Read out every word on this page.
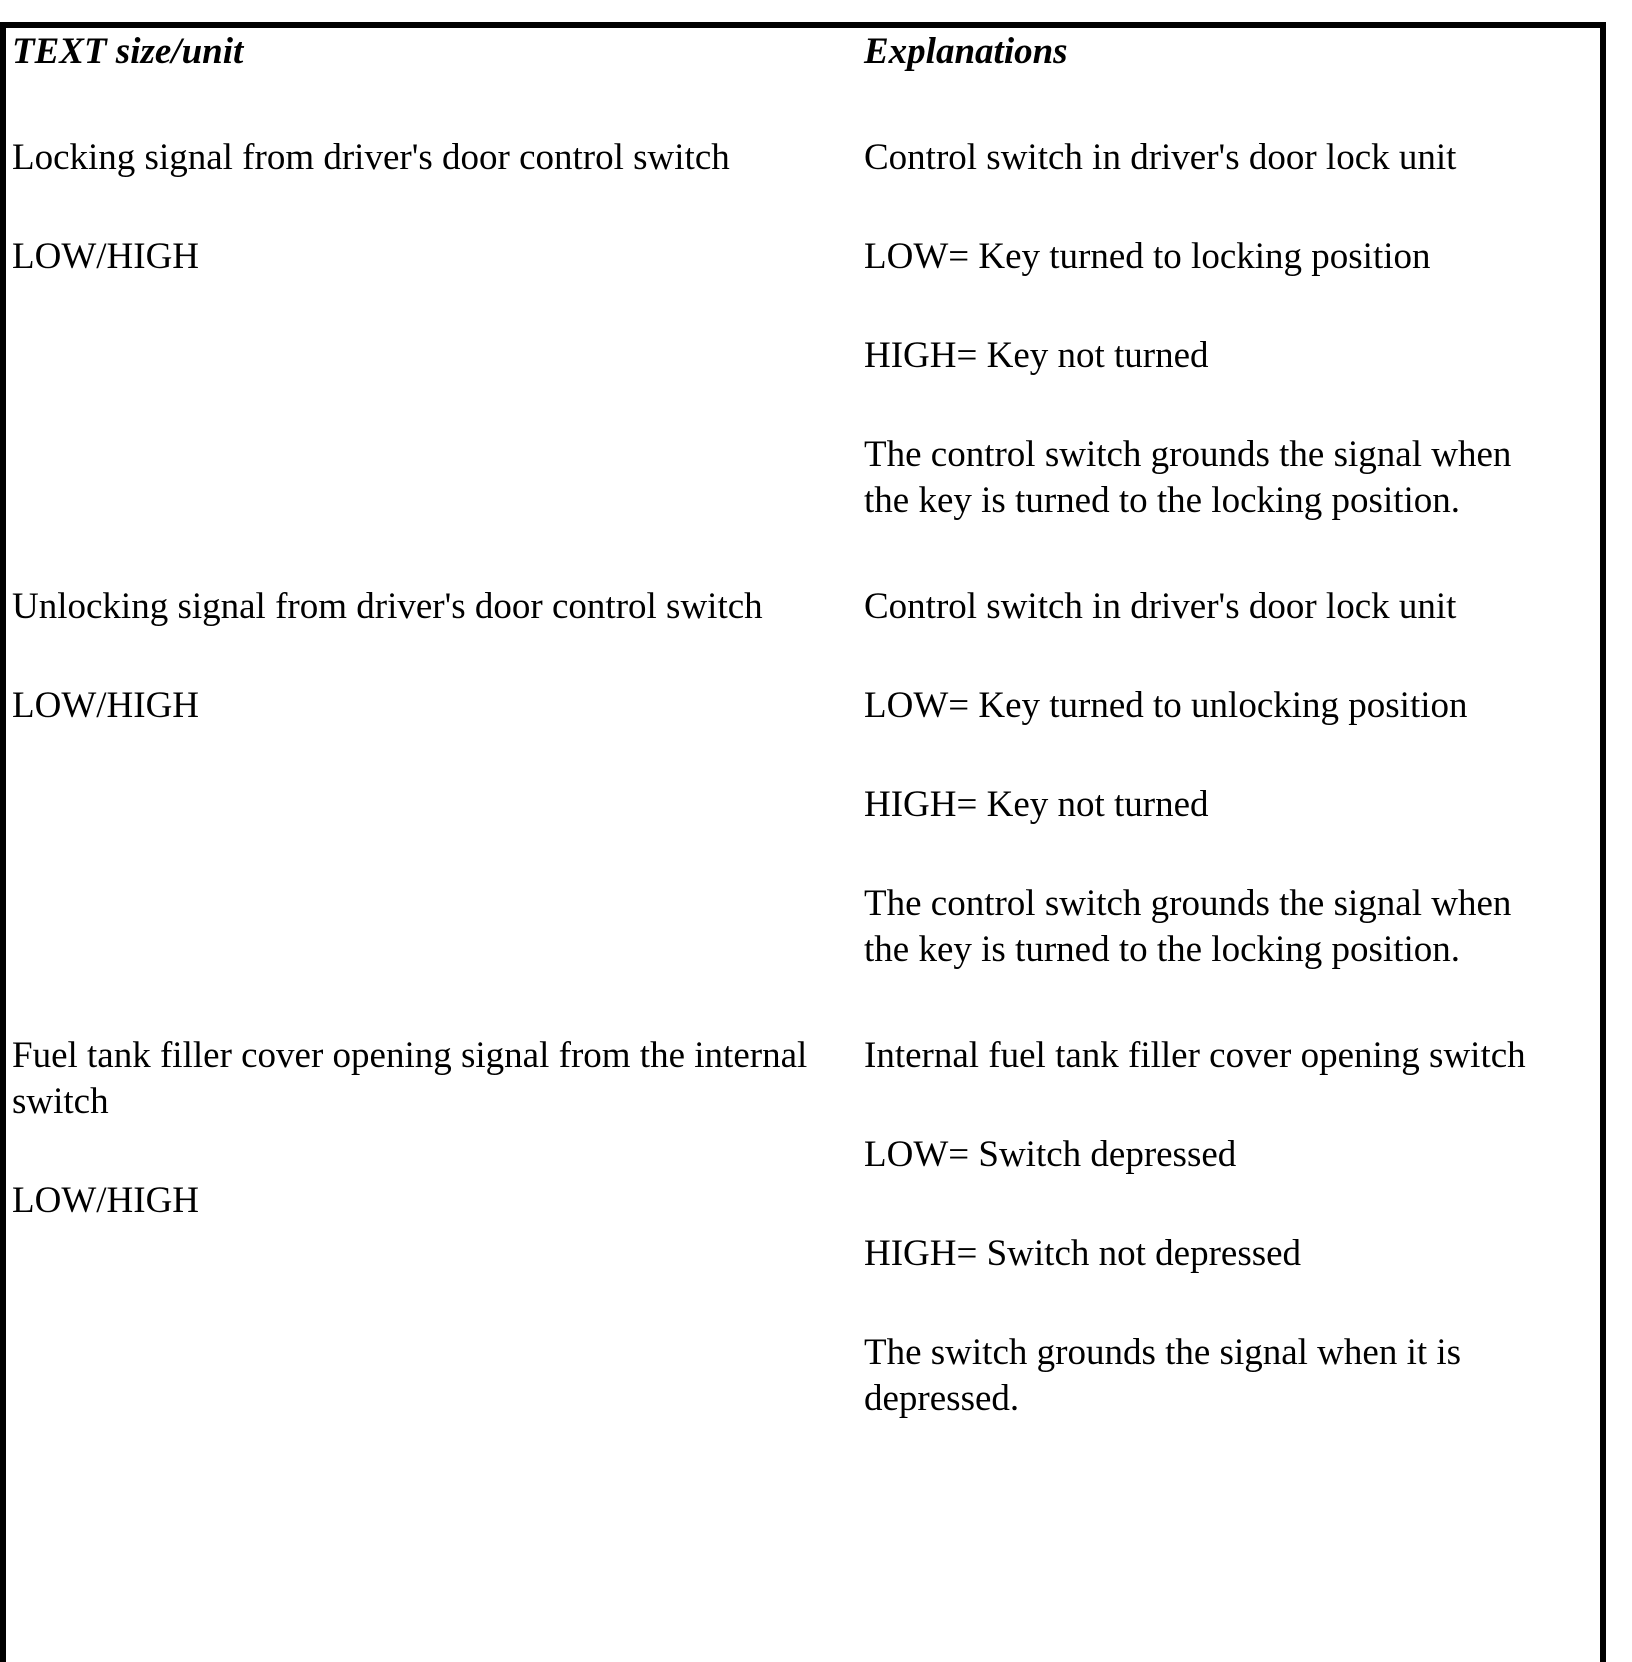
TEXT size/unit	Explanations
Locking signal from driver's door control switch
LOW/HIGH
Control switch in driver's door lock unit
LOW= Key turned to locking position
HIGH= Key not turned
The control switch grounds the signal when
the key is turned to the locking position.
Unlocking signal from driver's door control switch
LOW/HIGH
Control switch in driver's door lock unit
LOW= Key turned to unlocking position
HIGH= Key not turned
The control switch grounds the signal when
the key is turned to the locking position.
Fuel tank filler cover opening signal from the internal
switch
LOW/HIGH
Internal fuel tank filler cover opening switch
LOW= Switch depressed
HIGH= Switch not depressed
The switch grounds the signal when it is
depressed.
